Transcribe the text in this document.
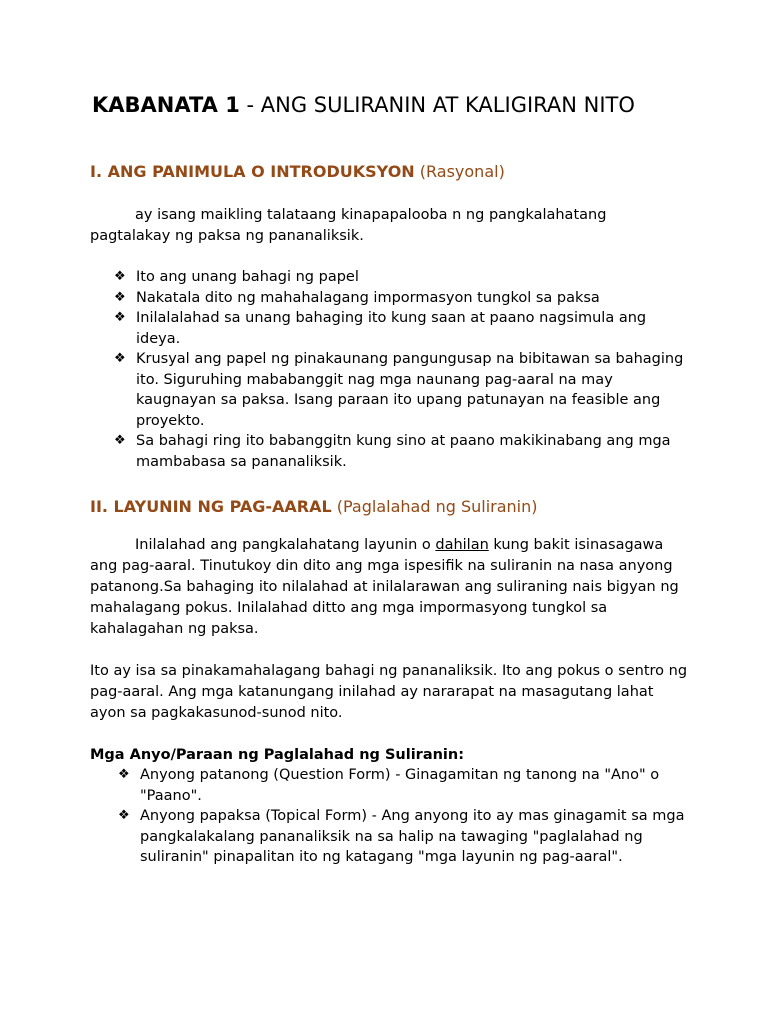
KABANATA 1 - ANG SULIRANIN AT KALIGIRAN NITO
I. ANG PANIMULA O INTRODUKSYON (Rasyonal)

ay isang maikling talataang kinapapalooba n ng pangkalahatang pagtalakay ng paksa ng pananaliksik.

❖ Ito ang unang bahagi ng papel
❖ Nakatala dito ng mahahalagang impormasyon tungkol sa paksa
❖ Inilalalahad sa unang bahaging ito kung saan at paano nagsimula ang ideya.
❖ Krusyal ang papel ng pinakaunang pangungusap na bibitawan sa bahaging ito. Siguruhing mababanggit nag mga naunang pag-aaral na may kaugnayan sa paksa. Isang paraan ito upang patunayan na feasible ang proyekto.
❖ Sa bahagi ring ito babanggitn kung sino at paano makikinabang ang mga mambabasa sa pananaliksik.
II. LAYUNIN NG PAG-AARAL (Paglalahad ng Suliranin)

Inilalahad ang pangkalahatang layunin o dahilan kung bakit isinasagawa ang pag-aaral. Tinutukoy din dito ang mga ispesifik na suliranin na nasa anyong patanong.Sa bahaging ito nilalahad at inilalarawan ang suliraning nais bigyan ng mahalagang pokus. Inilalahad ditto ang mga impormasyong tungkol sa kahalagahan ng paksa.

Ito ay isa sa pinakamahalagang bahagi ng pananaliksik. Ito ang pokus o sentro ng pag-aaral. Ang mga katanungang inilahad ay nararapat na masagutang lahat ayon sa pagkakasunod-sunod nito.

Mga Anyo/Paraan ng Paglalahad ng Suliranin:
❖ Anyong patanong (Question Form) - Ginagamitan ng tanong na "Ano" o "Paano".
❖ Anyong papaksa (Topical Form) - Ang anyong ito ay mas ginagamit sa mga pangkalakalang pananaliksik na sa halip na tawaging "paglalahad ng suliranin" pinapalitan ito ng katagang "mga layunin ng pag-aaral".
